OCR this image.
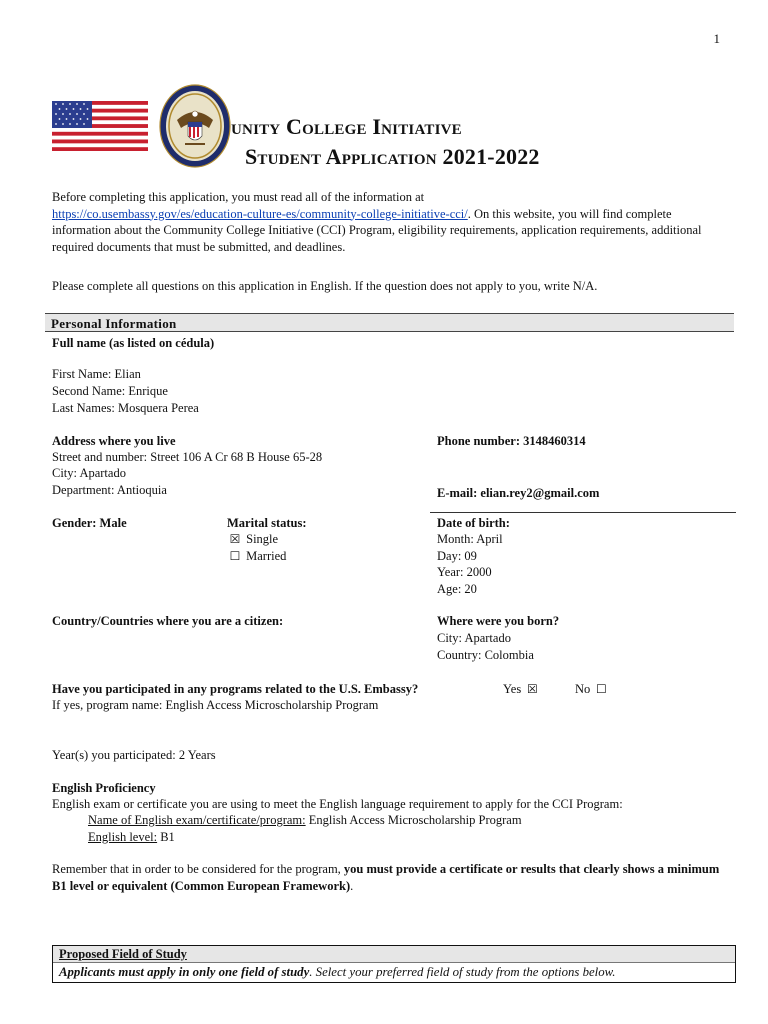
1
unity College Initiative
Student Application 2021-2022
Before completing this application, you must read all of the information at
https://co.usembassy.gov/es/education-culture-es/community-college-initiative-cci/. On this website, you will find complete information about the Community College Initiative (CCI) Program, eligibility requirements, application requirements, additional required documents that must be submitted, and deadlines.
Please complete all questions on this application in English. If the question does not apply to you, write N/A.
Personal Information
Full name (as listed on cédula)
First Name: Elian
Second Name: Enrique
Last Names: Mosquera Perea
Address where you live
Street and number: Street 106 A Cr 68 B House 65-28
City: Apartado
Department: Antioquia
Phone number: 3148460314
E-mail: elian.rey2@gmail.com
Gender: Male	Marital status:
☒ Single
☐ Married
Date of birth:
Month: April
Day: 09
Year: 2000
Age: 20
Country/Countries where you are a citizen:	Where were you born?
City: Apartado
Country: Colombia
Have you participated in any programs related to the U.S. Embassy?	Yes ☒	No ☐
If yes, program name: English Access Microscholarship Program
Year(s) you participated: 2 Years
English Proficiency
English exam or certificate you are using to meet the English language requirement to apply for the CCI Program:
Name of English exam/certificate/program: English Access Microscholarship Program
English level: B1
Remember that in order to be considered for the program, you must provide a certificate or results that clearly shows a minimum B1 level or equivalent (Common European Framework).
Proposed Field of Study
Applicants must apply in only one field of study. Select your preferred field of study from the options below.
